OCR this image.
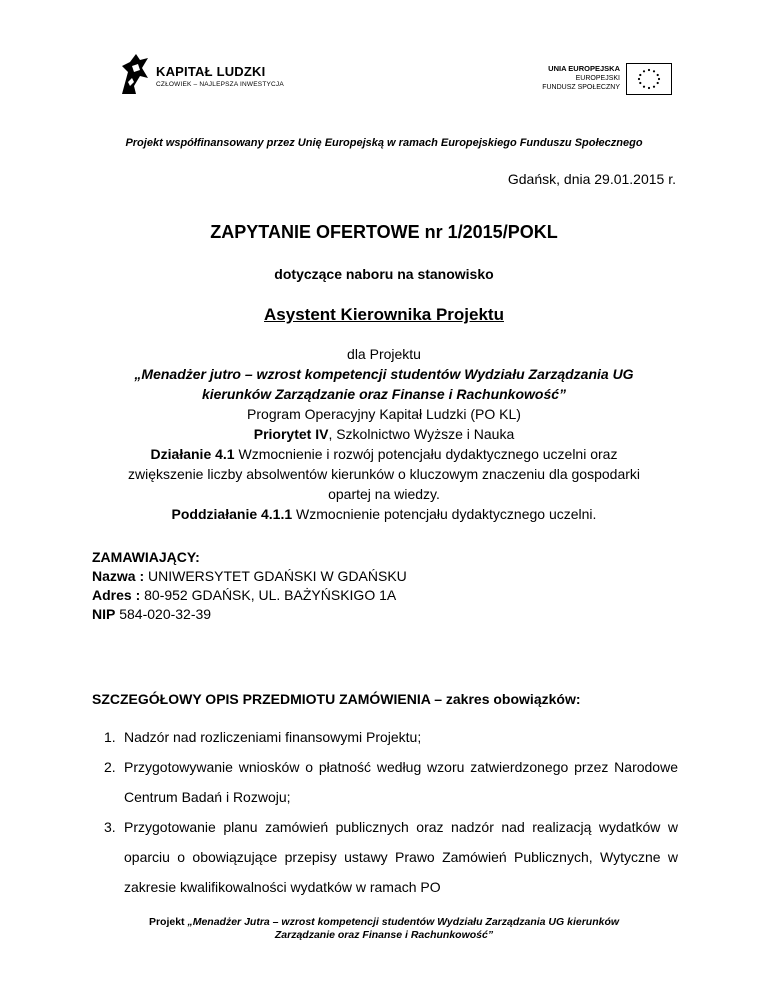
KAPITAŁ LUDZKI
CZŁOWIEK – NAJLEPSZA INWESTYCJA
UNIA EUROPEJSKA
EUROPEJSKI
FUNDUSZ SPOŁECZNY
Projekt współfinansowany przez Unię Europejską w ramach Europejskiego Funduszu Społecznego
Gdańsk, dnia 29.01.2015 r.
ZAPYTANIE OFERTOWE nr 1/2015/POKL
dotyczące naboru na stanowisko
Asystent Kierownika Projektu
dla Projektu
„Menadżer jutro – wzrost kompetencji studentów Wydziału Zarządzania UG
kierunków Zarządzanie oraz Finanse i Rachunkowość”
Program Operacyjny Kapitał Ludzki (PO KL)
Priorytet IV, Szkolnictwo Wyższe i Nauka
Działanie 4.1 Wzmocnienie i rozwój potencjału dydaktycznego uczelni oraz
zwiększenie liczby absolwentów kierunków o kluczowym znaczeniu dla gospodarki
opartej na wiedzy.
Poddziałanie 4.1.1 Wzmocnienie potencjału dydaktycznego uczelni.
ZAMAWIAJĄCY:
Nazwa : UNIWERSYTET GDAŃSKI W GDAŃSKU
Adres : 80-952 GDAŃSK, UL. BAŻYŃSKIGO 1A
NIP 584-020-32-39
SZCZEGÓŁOWY OPIS PRZEDMIOTU ZAMÓWIENIA – zakres obowiązków:
1. Nadzór nad rozliczeniami finansowymi Projektu;
2. Przygotowywanie wniosków o płatność według wzoru zatwierdzonego przez Narodowe Centrum Badań i Rozwoju;
3. Przygotowanie planu zamówień publicznych oraz nadzór nad realizacją wydatków w oparciu o obowiązujące przepisy ustawy Prawo Zamówień Publicznych, Wytyczne w zakresie kwalifikowalności wydatków w ramach PO
Projekt „Menadżer Jutra – wzrost kompetencji studentów Wydziału Zarządzania UG kierunków
Zarządzanie oraz Finanse i Rachunkowość”
